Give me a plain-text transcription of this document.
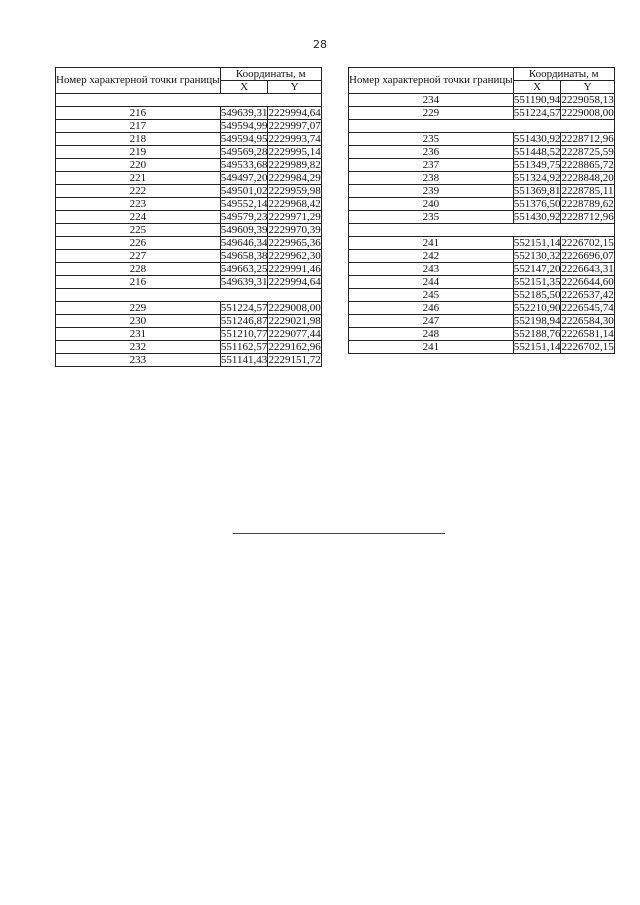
28
Номер характерной точки границы	Координаты, м	
	X	Y

216	549639,31	2229994,64
217	549594,99	2229997,07
218	549594,95	2229993,74
219	549569,28	2229995,14
220	549533,68	2229989,82
221	549497,20	2229984,29
222	549501,02	2229959,98
223	549552,14	2229968,42
224	549579,23	2229971,29
225	549609,39	2229970,39
226	549646,34	2229965,36
227	549658,38	2229962,30
228	549663,25	2229991,46
216	549639,31	2229994,64

229	551224,57	2229008,00
230	551246,87	2229021,98
231	551210,77	2229077,44
232	551162,57	2229162,96
233	551141,43	2229151,72
Номер характерной точки границы	Координаты, м	
	X	Y
234	551190,94	2229058,13
229	551224,57	2229008,00

235	551430,92	2228712,96
236	551448,52	2228725,59
237	551349,75	2228865,72
238	551324,92	2228848,20
239	551369,81	2228785,11
240	551376,50	2228789,62
235	551430,92	2228712,96

241	552151,14	2226702,15
242	552130,32	2226696,07
243	552147,20	2226643,31
244	552151,35	2226644,60
245	552185,50	2226537,42
246	552210,90	2226545,74
247	552198,94	2226584,30
248	552188,76	2226581,14
241	552151,14	2226702,15
